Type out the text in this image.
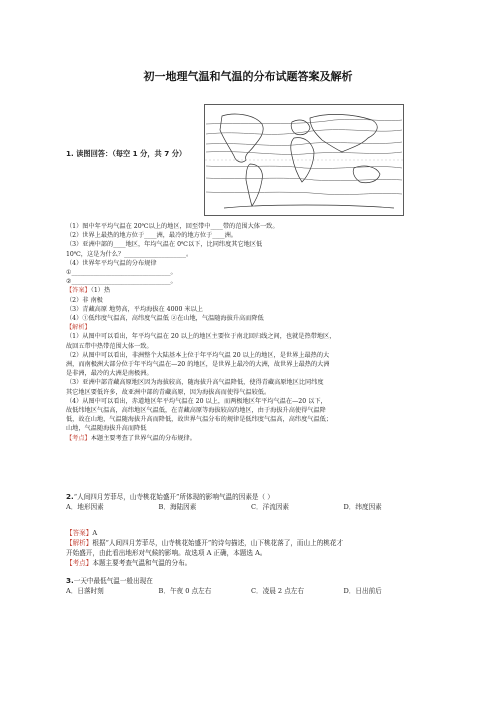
初一地理气温和气温的分布试题答案及解析
1. 读图回答：（每空 1 分，共 7 分）
（1）图中年平均气温在 20℃以上的地区，回至带中____带的范围大体一致。
（2）世界上最热的地方位于____洲，最冷的地方位于____洲。
（3）亚洲中部的____地区，年均气温在 0℃以下，比同纬度其它地区低
10℃，这是为什么？____________________。
（4）世界年平均气温的分布规律
①________________________________。
②________________________________。
【答案】（1）热
（2）非 南极
（3）青藏高原 地势高，平均海拔在 4000 米以上
（4）①低纬度气温高，高纬度气温低 ②在山地，气温随海拔升高而降低
【解析】
（1）从图中可以看出，年平均气温在 20 以上的地区主要位于南北回归线之间，也就是热带地区，
故回五带中热带范围大体一致。
（2）从图中可以看出，非洲整个大陆基本上位于年平均气温 20 以上的地区，是世界上最热的大
洲，而南极洲大部分位于年平均气温在—20 的地区，是世界上最冷的大洲，故世界上最热的大洲
是非洲，最冷的大洲是南极洲。
（3）亚洲中部青藏高原地区因为海拔较高，随海拔升高气温降低，使得青藏高原地区比同纬度
其它地区要低许多，故亚洲中部的青藏高原，因为海拔高而使得气温较低。
（4）从图中可以看出，赤道地区年平均气温在 20 以上，而两极地区年平均气温在—20 以下，
故低纬地区气温高，高纬地区气温低，在青藏高原等海拔较高的地区，由于海拔升高使得气温降
低，故在山地，气温随海拔升高而降低，故世界气温分布的规律是低纬度气温高，高纬度气温低；
山地，气温随海拔升高而降低
【考点】本题主要考查了世界气温的分布规律。
2.“人间四月芳菲尽，山寺桃花始盛开”所体现的影响气温的因素是（ ）
A．地形因素	B．海陆因素	C．洋流因素	D．纬度因素
【答案】A
【解析】根据“人间四月芳菲尽，山寺桃花始盛开”的诗句描述，山下桃花落了，而山上的桃花才
开始盛开，由此看出地形对气候的影响。故选项 A 正确，本题选 A。
【考点】本题主要考查气温和气温的分布。
3.一天中最低气温一般出现在
A．日落时刻	B．午夜 0 点左右	C．凌晨 2 点左右	D．日出前后
